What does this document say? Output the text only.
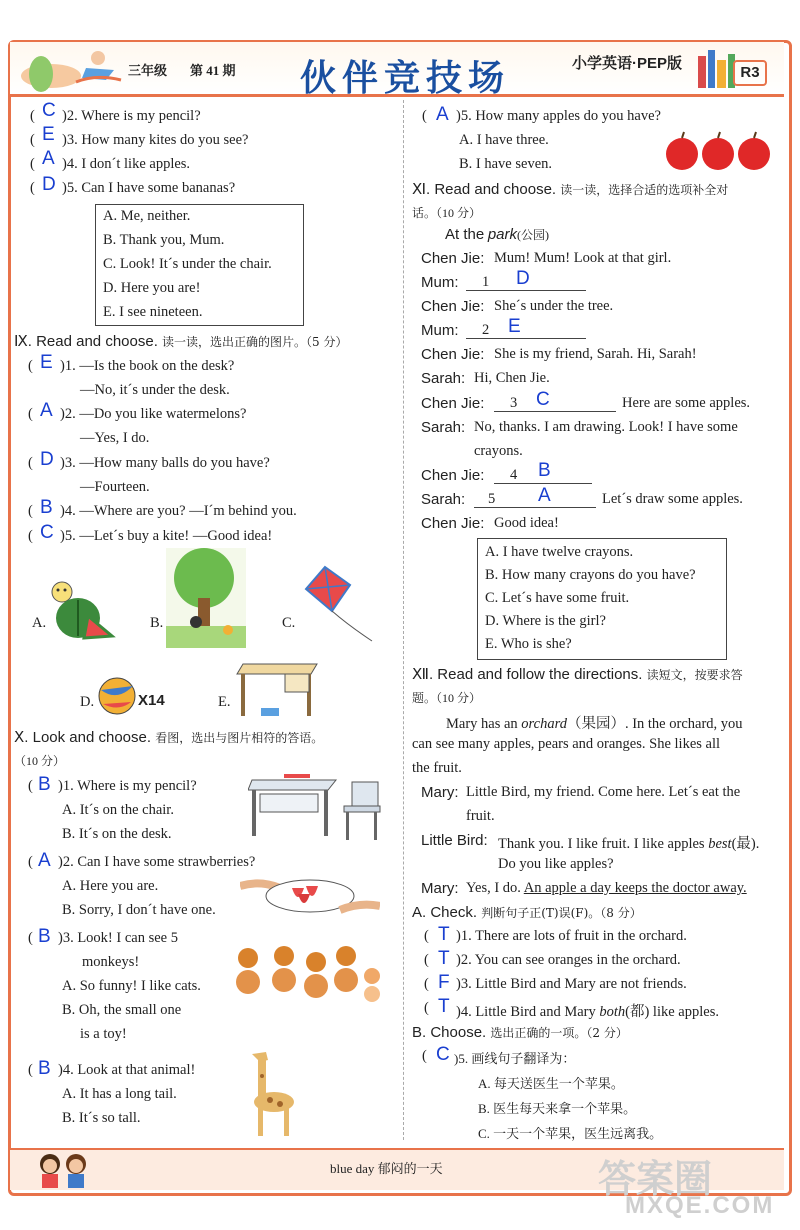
三年级 第 41 期 伙伴竞技场	小学英语·PEP版
R3
( C )2. Where is my pencil?
( E )3. How many kites do you see?
( A )4. I don´t like apples.
( D )5. Can I have some bananas?
A. Me, neither.
B. Thank you, Mum.
C. Look! It´s under the chair.
D. Here you are!
E. I see nineteen.
Ⅸ. Read and choose. 读一读，选出正确的图片。（5 分）
( E )1. —Is the book on the desk?
—No, it´s under the desk.
( A )2. —Do you like watermelons?
—Yes, I do.
( D )3. —How many balls do you have?
—Fourteen.
( B )4. —Where are you? —I´m behind you.
( C )5. —Let´s buy a kite! —Good idea!
A.	B.	C.
D.	X14	E.
Ⅹ. Look and choose. 看图，选出与图片相符的答语。
（10 分）
( B )1. Where is my pencil?
A. It´s on the chair.
B. It´s on the desk.
( A )2. Can I have some strawberries?
A. Here you are.
B. Sorry, I don´t have one.
( B )3. Look! I can see 5
monkeys!
A. So funny! I like cats.
B. Oh, the small one
is a toy!
( B )4. Look at that animal!
A. It has a long tail.
B. It´s so tall.
( A )5. How many apples do you have?
A. I have three.
B. I have seven.
Ⅺ. Read and choose. 读一读，选择合适的选项补全对
话。（10 分）
At the park(公园)
Chen Jie: Mum! Mum! Look at that girl.
Mum: 1 D
Chen Jie: She´s under the tree.
Mum: 2 E
Chen Jie: She is my friend, Sarah. Hi, Sarah!
Sarah: Hi, Chen Jie.
Chen Jie: 3 C	Here are some apples.
Sarah: No, thanks. I am drawing. Look! I have some
crayons.
Chen Jie: 4 B
Sarah: 5 A	Let´s draw some apples.
Chen Jie: Good idea!
A. I have twelve crayons.
B. How many crayons do you have?
C. Let´s have some fruit.
D. Where is the girl?
E. Who is she?
Ⅻ. Read and follow the directions. 读短文，按要求答
题。（10 分）
Mary has an orchard（果园）. In the orchard, you
can see many apples, pears and oranges. She likes all
the fruit.
Mary: Little Bird, my friend. Come here. Let´s eat the
fruit.
Little Bird: Thank you. I like fruit. I like apples best(最).
Do you like apples?
Mary: Yes, I do. An apple a day keeps the doctor away.
A. Check. 判断句子正(T)误(F)。（8 分）
( T )1. There are lots of fruit in the orchard.
( T )2. You can see oranges in the orchard.
( F )3. Little Bird and Mary are not friends.
( T )4. Little Bird and Mary both(都) like apples.
B. Choose. 选出正确的一项。（2 分）
( C )5. 画线句子翻译为：
A. 每天送医生一个苹果。
B. 医生每天来拿一个苹果。
C. 一天一个苹果，医生远离我。
blue day 郁闷的一天	答案圈
MXQE.COM
